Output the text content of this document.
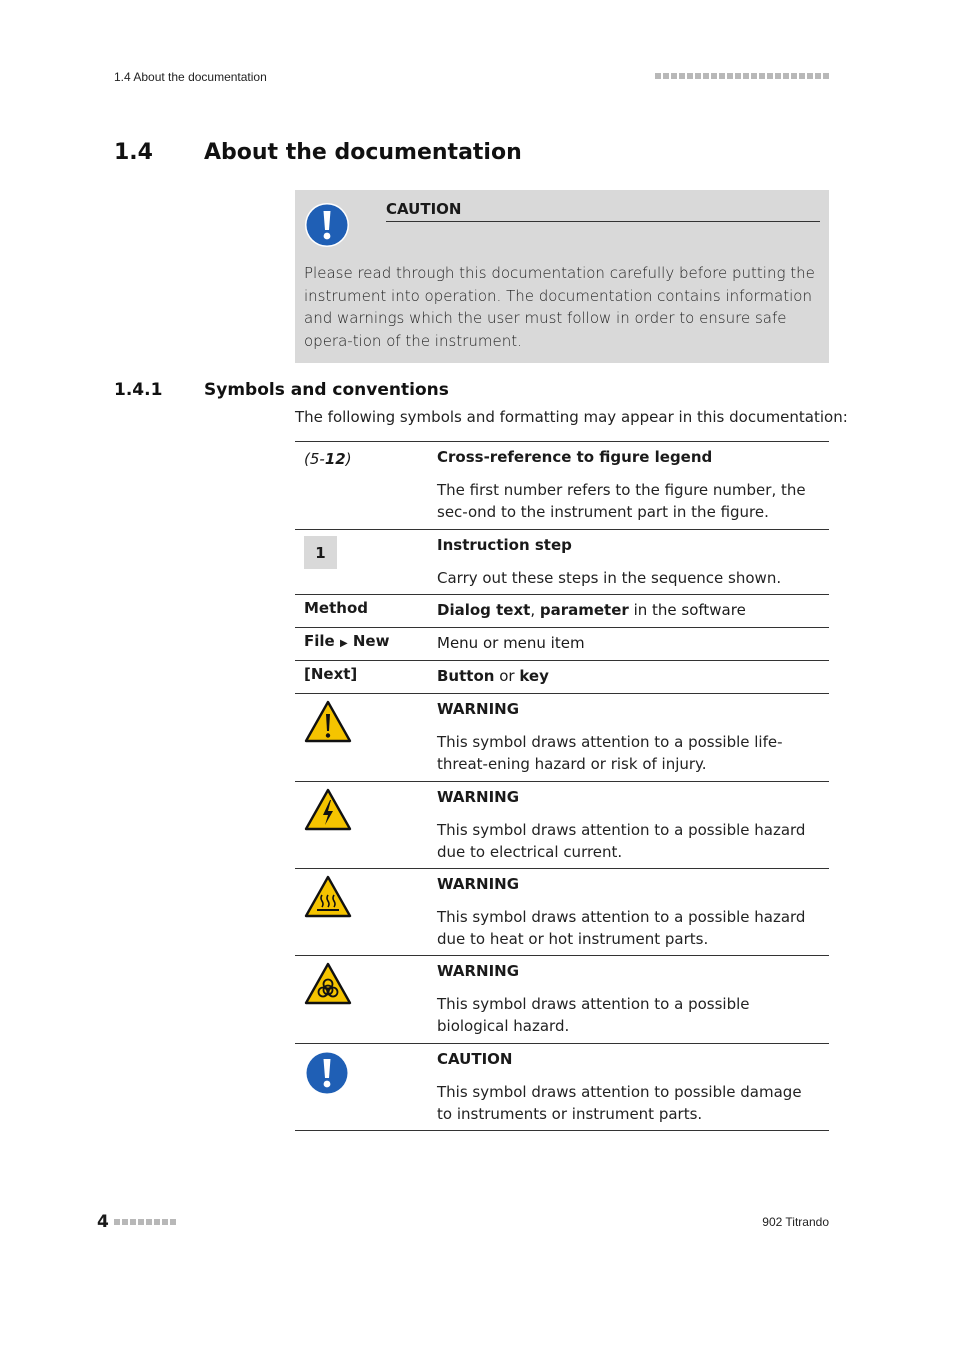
1.4 About the documentation
1.4 About the documentation
CAUTION
Please read through this documentation carefully before putting the instrument into operation. The documentation contains information and warnings which the user must follow in order to ensure safe opera-tion of the instrument.
1.4.1 Symbols and conventions
The following symbols and formatting may appear in this documentation:
(5-12)	Cross-reference to figure legend
The first number refers to the figure number, the sec-ond to the instrument part in the figure.
1	Instruction step
Carry out these steps in the sequence shown.
Method	Dialog text, parameter in the software
File ▶ New	Menu or menu item
[Next]	Button or key
WARNING
This symbol draws attention to a possible life-threat-ening hazard or risk of injury.
WARNING
This symbol draws attention to a possible hazard due to electrical current.
WARNING
This symbol draws attention to a possible hazard due to heat or hot instrument parts.
WARNING
This symbol draws attention to a possible biological hazard.
CAUTION
This symbol draws attention to possible damage to instruments or instrument parts.
4	902 Titrando
